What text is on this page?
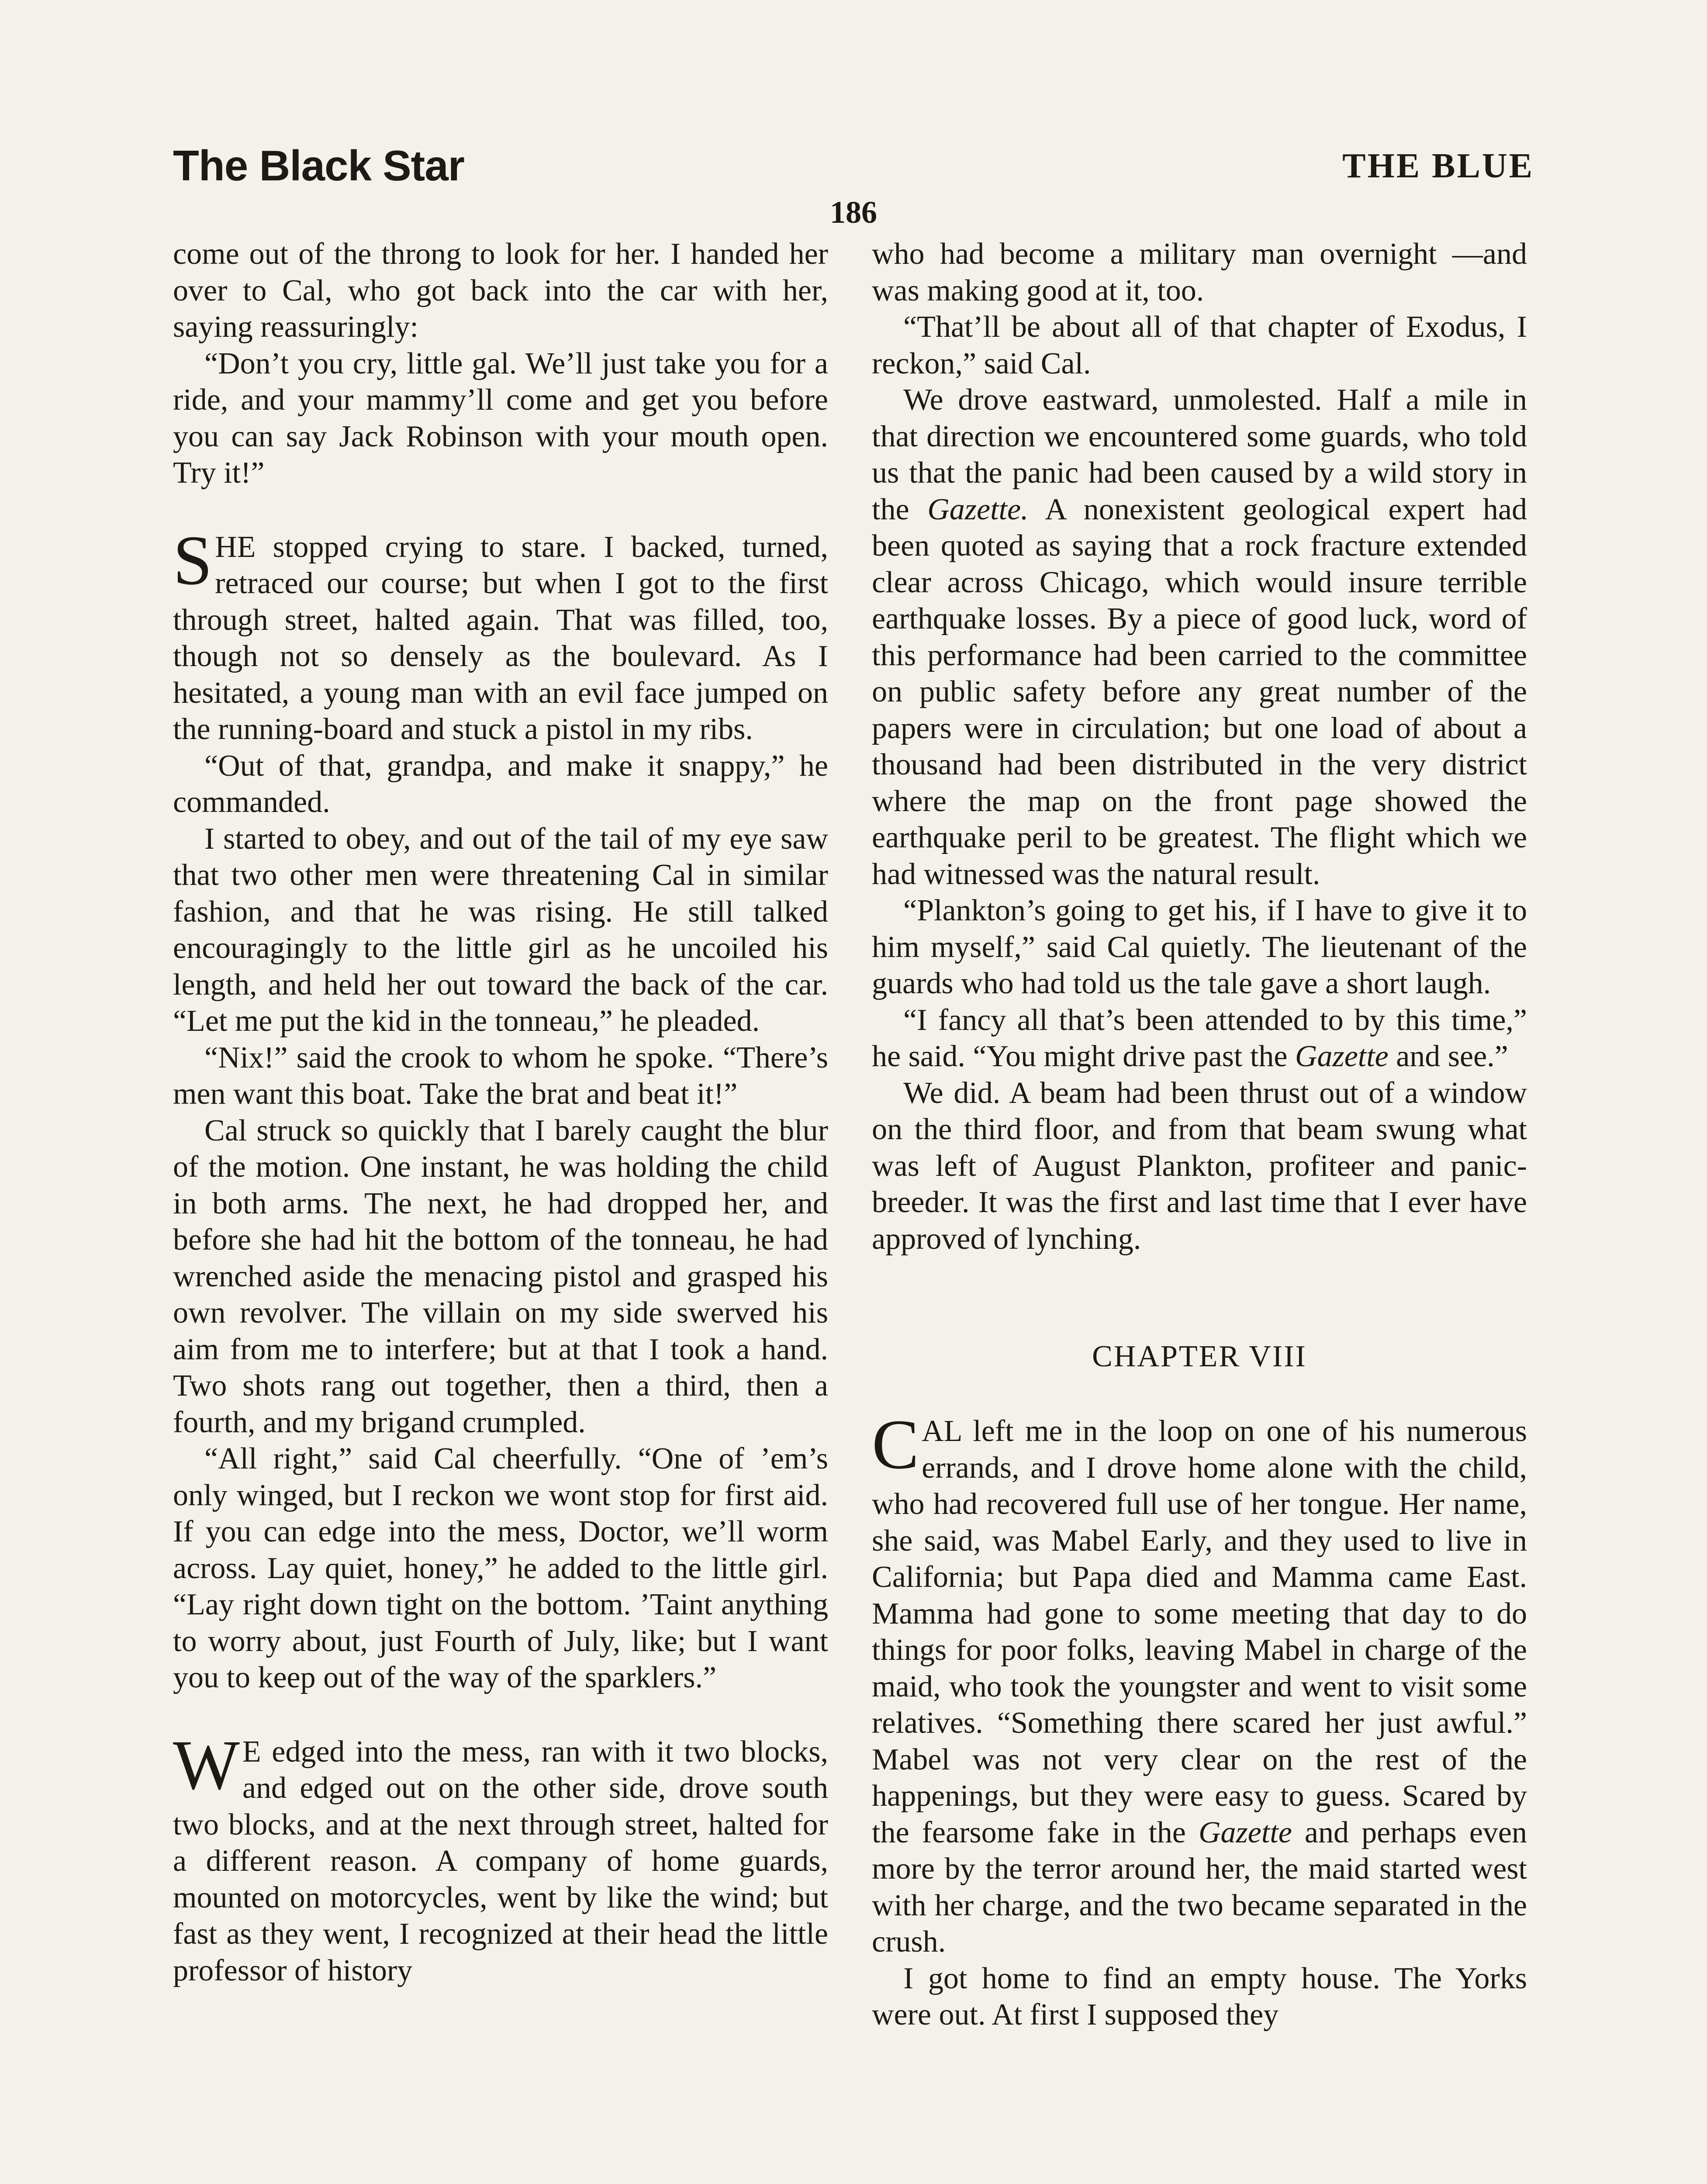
The Black Star	THE BLUE
186

come out of the throng to look for her. I handed her over to Cal, who got back into the car with her, saying reassuringly:

“Don’t you cry, little gal. We’ll just take you for a ride, and your mammy’ll come and get you before you can say Jack Robinson with your mouth open. Try it!”

SHE stopped crying to stare. I backed, turned, retraced our course; but when I got to the first through street, halted again. That was filled, too, though not so densely as the boulevard. As I hesitated, a young man with an evil face jumped on the running-board and stuck a pistol in my ribs.

“Out of that, grandpa, and make it snappy,” he commanded.

I started to obey, and out of the tail of my eye saw that two other men were threatening Cal in similar fashion, and that he was rising. He still talked encouragingly to the little girl as he uncoiled his length, and held her out toward the back of the car. “Let me put the kid in the tonneau,” he pleaded.

“Nix!” said the crook to whom he spoke. “There’s men want this boat. Take the brat and beat it!”

Cal struck so quickly that I barely caught the blur of the motion. One instant, he was holding the child in both arms. The next, he had dropped her, and before she had hit the bottom of the tonneau, he had wrenched aside the menacing pistol and grasped his own revolver. The villain on my side swerved his aim from me to interfere; but at that I took a hand. Two shots rang out together, then a third, then a fourth, and my brigand crumpled.

“All right,” said Cal cheerfully. “One of ’em’s only winged, but I reckon we wont stop for first aid. If you can edge into the mess, Doctor, we’ll worm across. Lay quiet, honey,” he added to the little girl. “Lay right down tight on the bottom. ’Taint anything to worry about, just Fourth of July, like; but I want you to keep out of the way of the sparklers.”

W E edged into the mess, ran with it two blocks, and edged out on the other side, drove south two blocks, and at the next through street, halted for a different reason. A company of home guards, mounted on motorcycles, went by like the wind; but fast as they went, I recognized at their head the little professor of history

who had become a military man overnight —and was making good at it, too.

“That’ll be about all of that chapter of Exodus, I reckon,” said Cal.

We drove eastward, unmolested. Half a mile in that direction we encountered some guards, who told us that the panic had been caused by a wild story in the Gazette. A nonexistent geological expert had been quoted as saying that a rock fracture extended clear across Chicago, which would insure terrible earthquake losses. By a piece of good luck, word of this performance had been carried to the committee on public safety before any great number of the papers were in circulation; but one load of about a thousand had been distributed in the very district where the map on the front page showed the earthquake peril to be greatest. The flight which we had witnessed was the natural result.

“Plankton’s going to get his, if I have to give it to him myself,” said Cal quietly. The lieutenant of the guards who had told us the tale gave a short laugh.

“I fancy all that’s been attended to by this time,” he said. “You might drive past the Gazette and see.”

We did. A beam had been thrust out of a window on the third floor, and from that beam swung what was left of August Plankton, profiteer and panic-breeder. It was the first and last time that I ever have approved of lynching.

CHAPTER VIII

CAL left me in the loop on one of his numerous errands, and I drove home alone with the child, who had recovered full use of her tongue. Her name, she said, was Mabel Early, and they used to live in California; but Papa died and Mamma came East. Mamma had gone to some meeting that day to do things for poor folks, leaving Mabel in charge of the maid, who took the youngster and went to visit some relatives. “Something there scared her just awful.” Mabel was not very clear on the rest of the happenings, but they were easy to guess. Scared by the fearsome fake in the Gazette and perhaps even more by the terror around her, the maid started west with her charge, and the two became separated in the crush.

I got home to find an empty house. The Yorks were out. At first I supposed they
